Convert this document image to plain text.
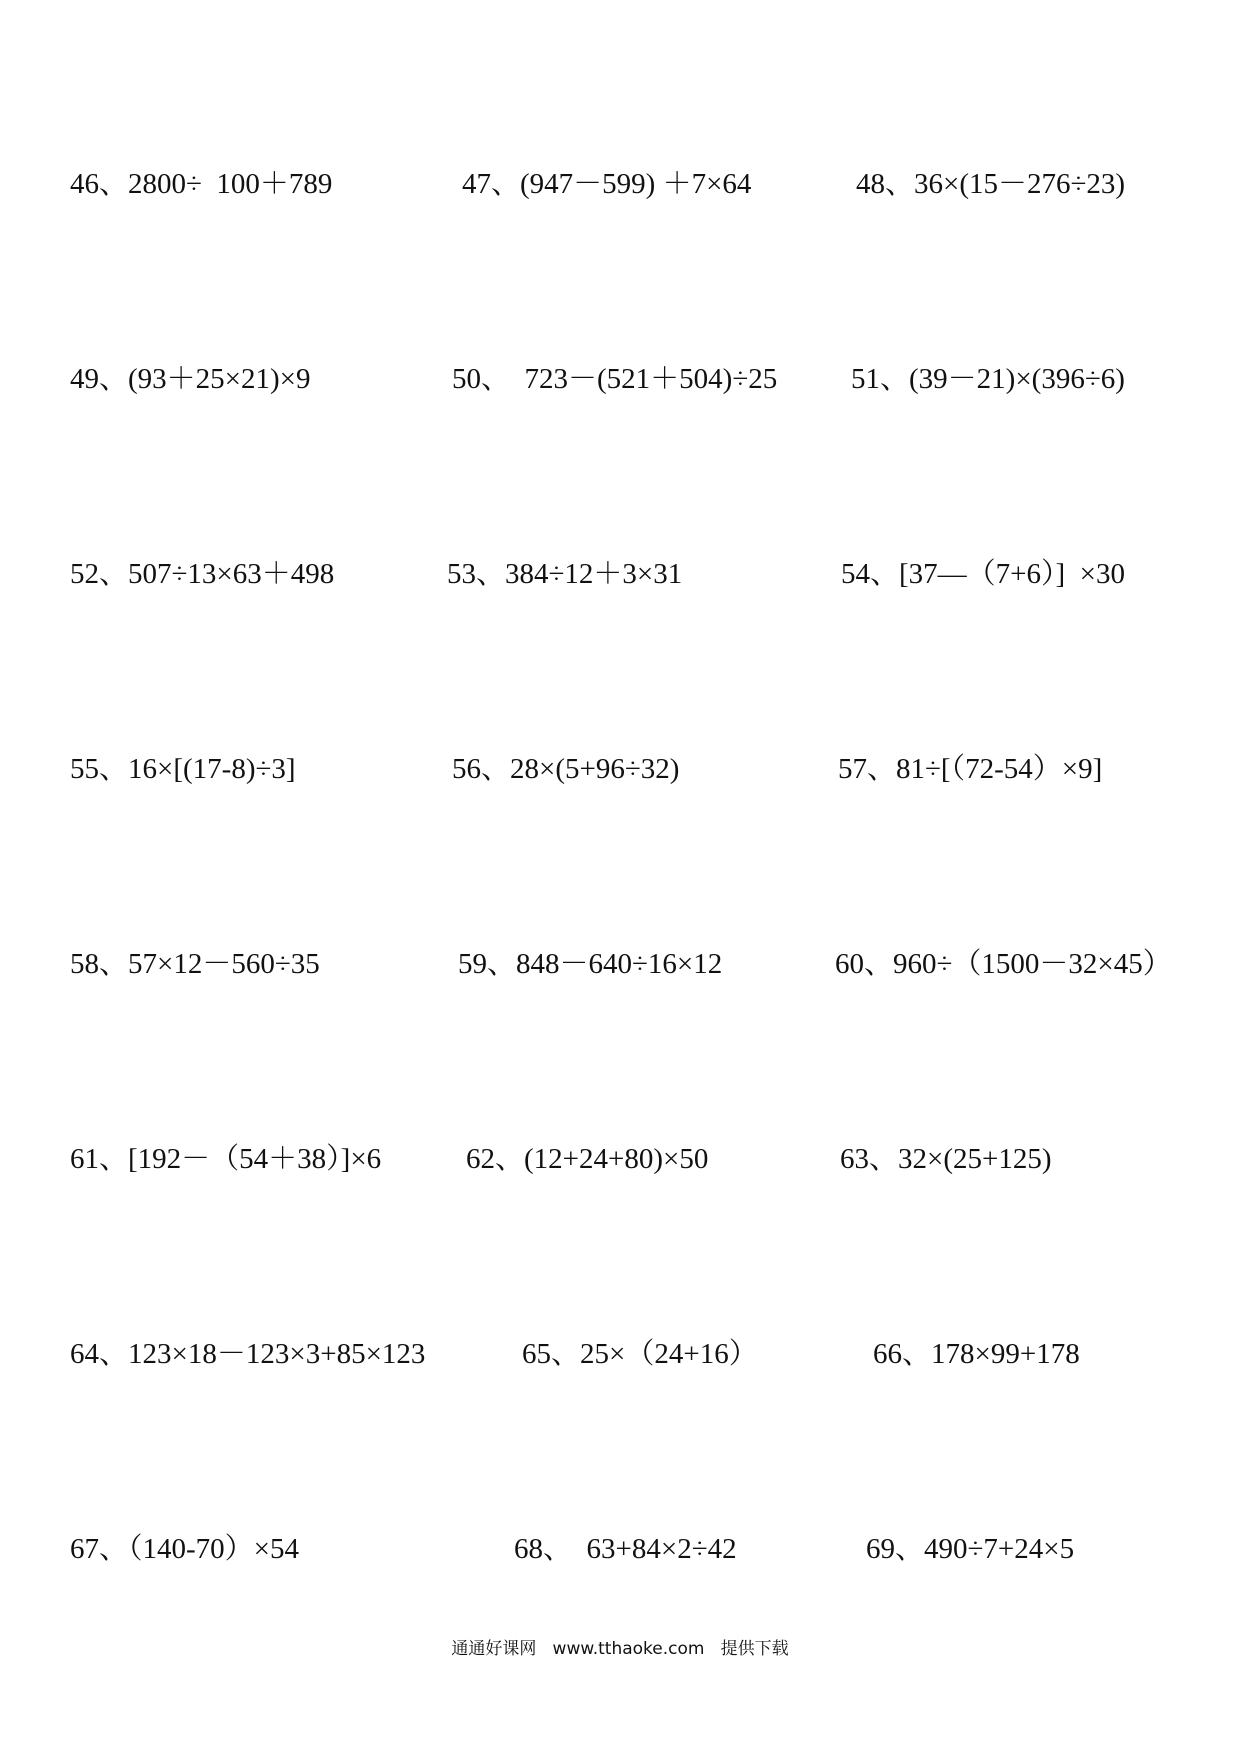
46、2800÷  100＋789	47、(947－599) ＋7×64	48、36×(15－276÷23)
49、(93＋25×21)×9	50、  723－(521＋504)÷25	51、(39－21)×(396÷6)
52、507÷13×63＋498	53、384÷12＋3×31	54、[37—（7+6）]  ×30
55、16×[(17-8)÷3]	56、28×(5+96÷32)	57、81÷[（72-54）×9]
58、57×12－560÷35	59、848－640÷16×12	60、960÷（1500－32×45）
61、[192－（54＋38）]×6	62、(12+24+80)×50	63、32×(25+125)
64、123×18－123×3+85×123	65、25×（24+16）	66、178×99+178
67、（140-70）×54	68、  63+84×2÷42	69、490÷7+24×5
通通好课网   www.tthaoke.com   提供下载
